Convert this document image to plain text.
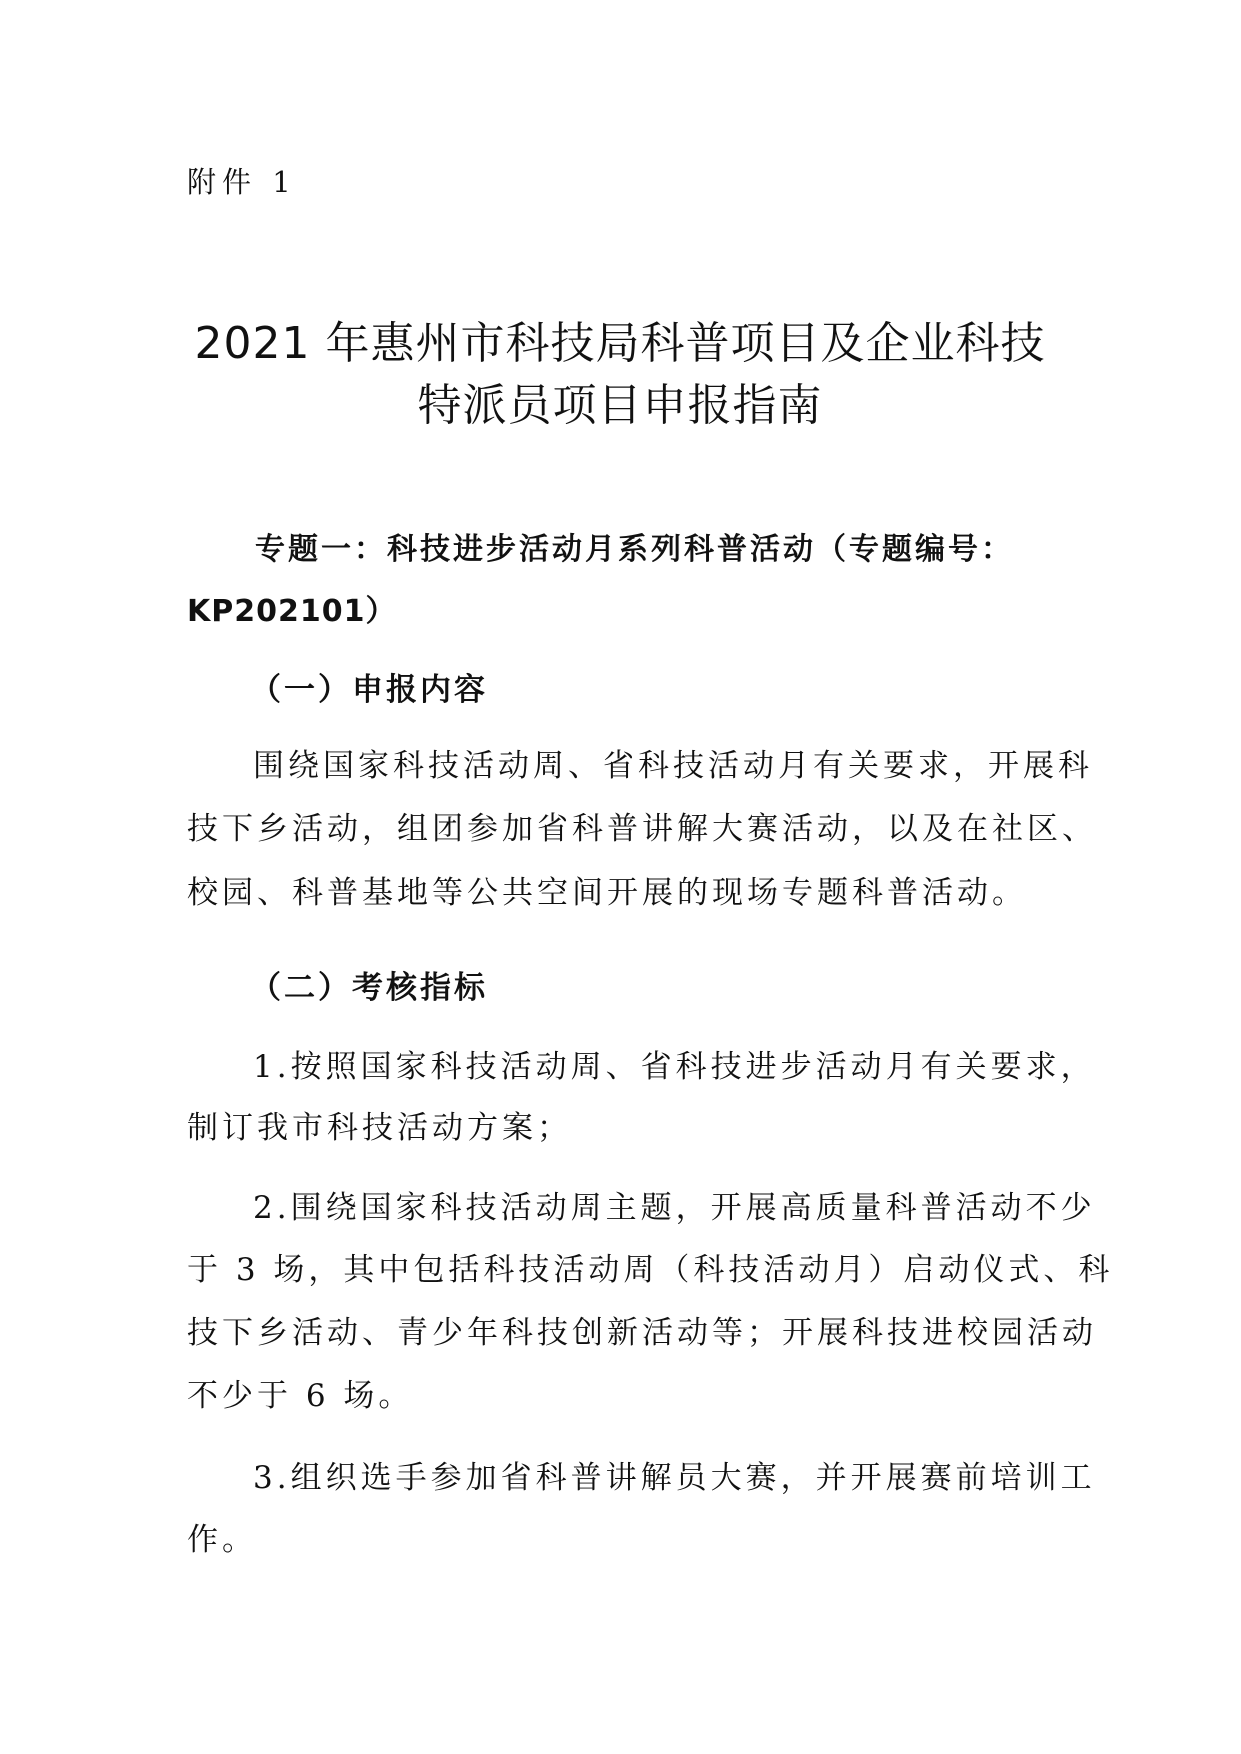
附件 1
2021 年惠州市科技局科普项目及企业科技
特派员项目申报指南
专题一：科技进步活动月系列科普活动（专题编号：
KP202101）
（一）申报内容
围绕国家科技活动周、省科技活动月有关要求，开展科
技下乡活动，组团参加省科普讲解大赛活动，以及在社区、
校园、科普基地等公共空间开展的现场专题科普活动。
（二）考核指标
1.按照国家科技活动周、省科技进步活动月有关要求，
制订我市科技活动方案；
2.围绕国家科技活动周主题，开展高质量科普活动不少
于 3 场，其中包括科技活动周（科技活动月）启动仪式、科
技下乡活动、青少年科技创新活动等；开展科技进校园活动
不少于 6 场。
3.组织选手参加省科普讲解员大赛，并开展赛前培训工
作。
